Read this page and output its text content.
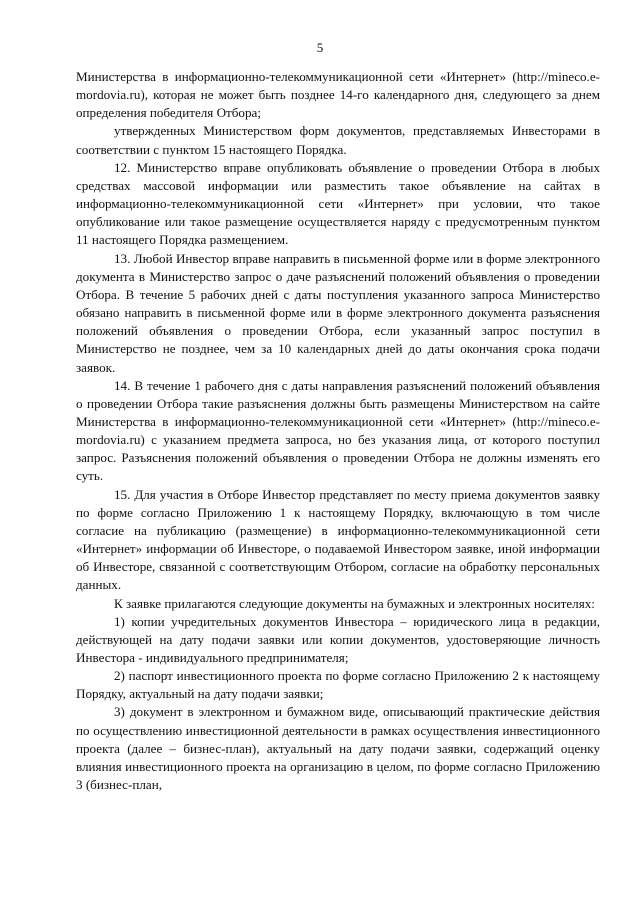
5

Министерства в информационно-телекоммуникационной сети «Интернет» (http://mineco.e-mordovia.ru), которая не может быть позднее 14-го календарного дня, следующего за днем определения победителя Отбора;

утвержденных Министерством форм документов, представляемых Инвесторами в соответствии с пунктом 15 настоящего Порядка.

12. Министерство вправе опубликовать объявление о проведении Отбора в любых средствах массовой информации или разместить такое объявление на сайтах в информационно-телекоммуникационной сети «Интернет» при условии, что такое опубликование или такое размещение осуществляется наряду с предусмотренным пунктом 11 настоящего Порядка размещением.

13. Любой Инвестор вправе направить в письменной форме или в форме электронного документа в Министерство запрос о даче разъяснений положений объявления о проведении Отбора. В течение 5 рабочих дней с даты поступления указанного запроса Министерство обязано направить в письменной форме или в форме электронного документа разъяснения положений объявления о проведении Отбора, если указанный запрос поступил в Министерство не позднее, чем за 10 календарных дней до даты окончания срока подачи заявок.

14. В течение 1 рабочего дня с даты направления разъяснений положений объявления о проведении Отбора такие разъяснения должны быть размещены Министерством на сайте Министерства в информационно-телекоммуникационной сети «Интернет» (http://mineco.e-mordovia.ru) с указанием предмета запроса, но без указания лица, от которого поступил запрос. Разъяснения положений объявления о проведении Отбора не должны изменять его суть.

15. Для участия в Отборе Инвестор представляет по месту приема документов заявку по форме согласно Приложению 1 к настоящему Порядку, включающую в том числе согласие на публикацию (размещение) в информационно-телекоммуникационной сети «Интернет» информации об Инвесторе, о подаваемой Инвестором заявке, иной информации об Инвесторе, связанной с соответствующим Отбором, согласие на обработку персональных данных.

К заявке прилагаются следующие документы на бумажных и электронных носителях:

1) копии учредительных документов Инвестора – юридического лица в редакции, действующей на дату подачи заявки или копии документов, удостоверяющие личность Инвестора - индивидуального предпринимателя;

2) паспорт инвестиционного проекта по форме согласно Приложению 2 к настоящему Порядку, актуальный на дату подачи заявки;

3) документ в электронном и бумажном виде, описывающий практические действия по осуществлению инвестиционной деятельности в рамках осуществления инвестиционного проекта (далее – бизнес-план), актуальный на дату подачи заявки, содержащий оценку влияния инвестиционного проекта на организацию в целом, по форме согласно Приложению 3 (бизнес-план,
